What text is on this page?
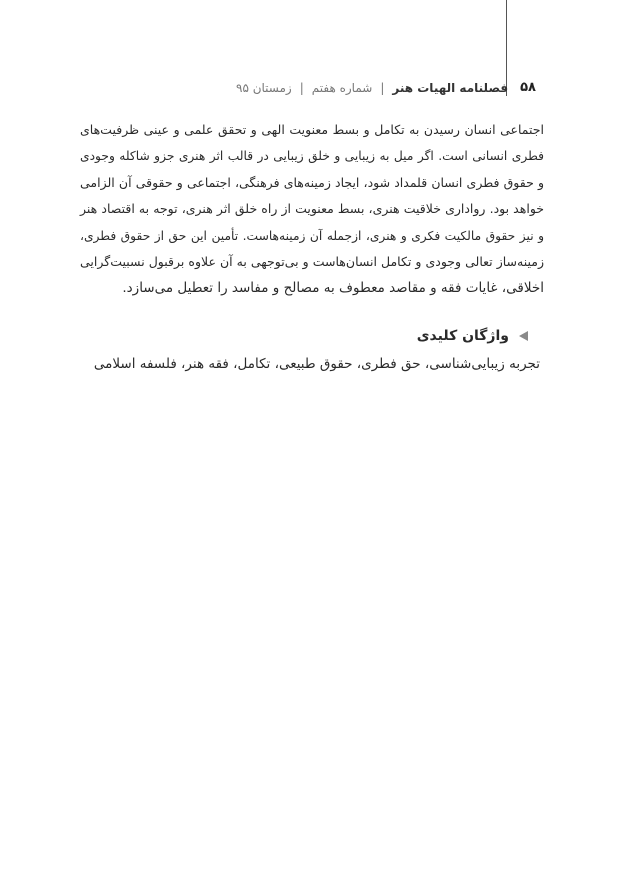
۵۸
فصلنامه الهیات هنر
|
شماره هفتم
|
زمستان ۹۵
اجتماعی انسان رسیدن به تکامل و بسط معنویت الهی و تحقق علمی و عینی ظرفیت‌های
فطری انسانی است. اگر میل به زیبایی و خلق زیبایی در قالب اثر هنری جزو شاکله وجودی
و حقوق فطری انسان قلمداد شود، ایجاد زمینه‌های فرهنگی، اجتماعی و حقوقی آن الزامی
خواهد بود. رواداری خلاقیت هنری، بسط معنویت از راه خلق اثر هنری، توجه به اقتصاد هنر
و نیز حقوق مالکیت فکری و هنری، ازجمله آن زمینه‌هاست. تأمین این حق از حقوق فطری،
زمینه‌ساز تعالی وجودی و تکامل انسان‌هاست و بی‌توجهی به آن علاوه برقبول نسبیت‌گرایی
اخلاقی، غایات فقه و مقاصد معطوف به مصالح و مفاسد را تعطیل می‌سازد.
واژگان کلیدی
تجربه زیبایی‌شناسی، حق فطری، حقوق طبیعی، تکامل، فقه هنر، فلسفه اسلامی
